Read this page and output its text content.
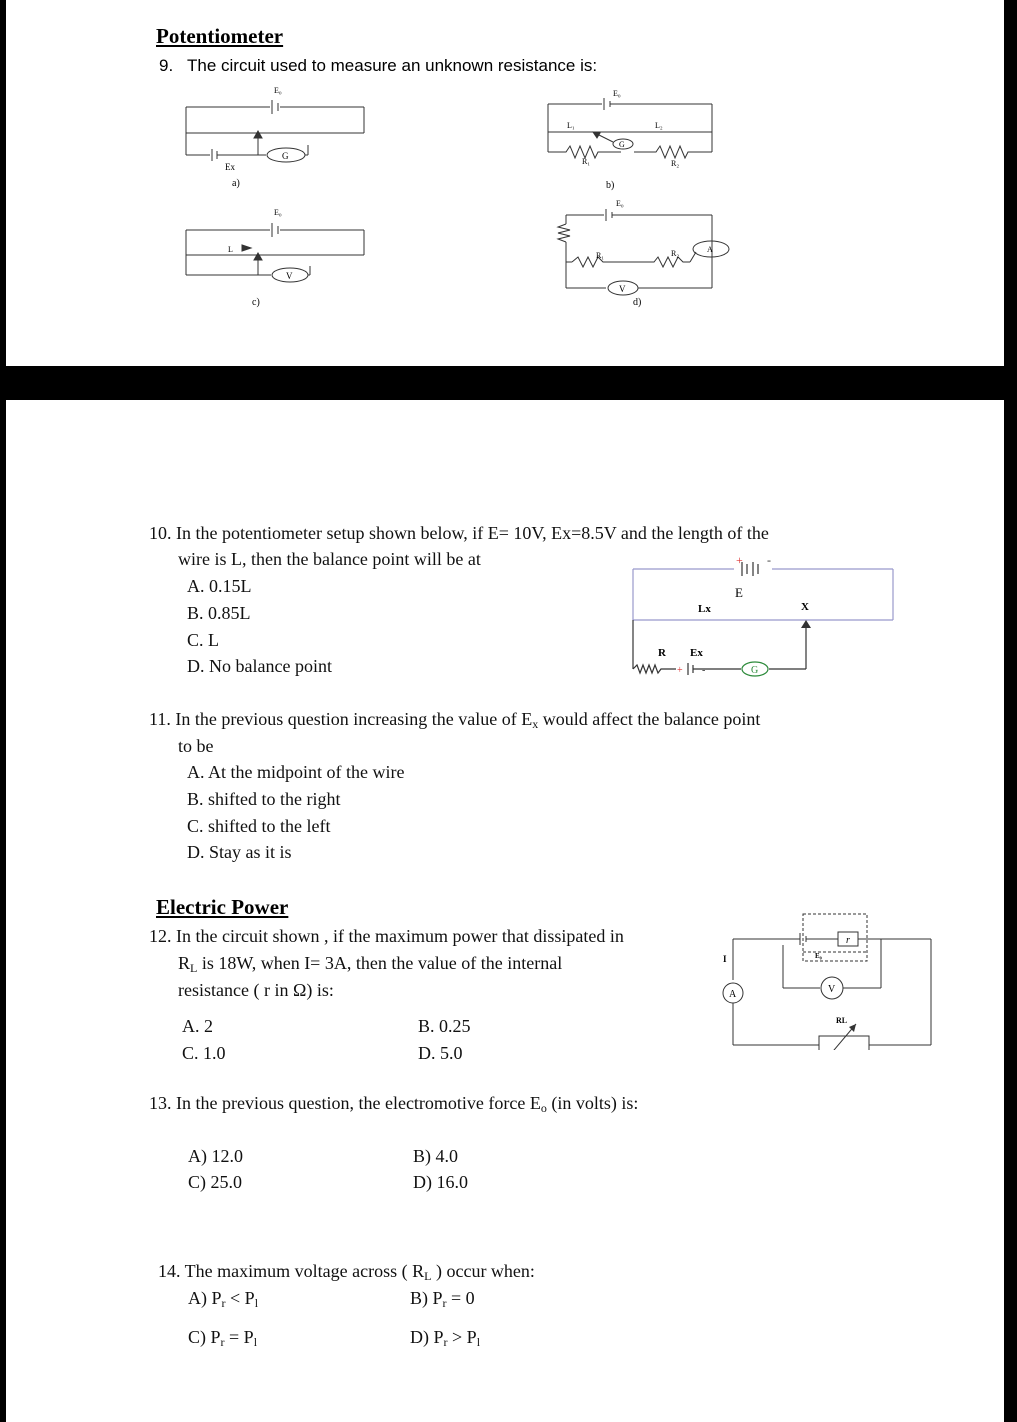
Potentiometer
9. The circuit used to measure an unknown resistance is:
E₀
Ex
G
a)
E₀
L₁	L₂
R₁	R₂
G
b)
E₀
L
V
c)
E₀
R₁	R₂
V
A
d)
10. In the potentiometer setup shown below, if E= 10V, Ex=8.5V and the length of the
wire is L, then the balance point will be at
A. 0.15L
B. 0.85L
C. L
D. No balance point	G
+ -
+ -
E
Lx	X
R Ex
11. In the previous question increasing the value of $E_x$ would affect the balance point
to be
A. At the midpoint of the wire
B. shifted to the right
C. shifted to the left
D. Stay as it is
Electric Power
12. In the circuit shown , if the maximum power that dissipated in
$R_L$ is 18W, when I= 3A, then the value of the internal
resistance ( r in Ω) is:
A. 2	B. 0.25
C. 1.0	D. 5.0
I
A	V
RL
E₀
r
13. In the previous question, the electromotive force $E_o$ (in volts) is:
A) 12.0	B) 4.0
C) 25.0	D) 16.0
14. The maximum voltage across ( $R_L$ ) occur when:
A) $P_r < P_l$	B) $P_r = 0$
C) $P_r = P_l$	D) $P_r > P_l$
